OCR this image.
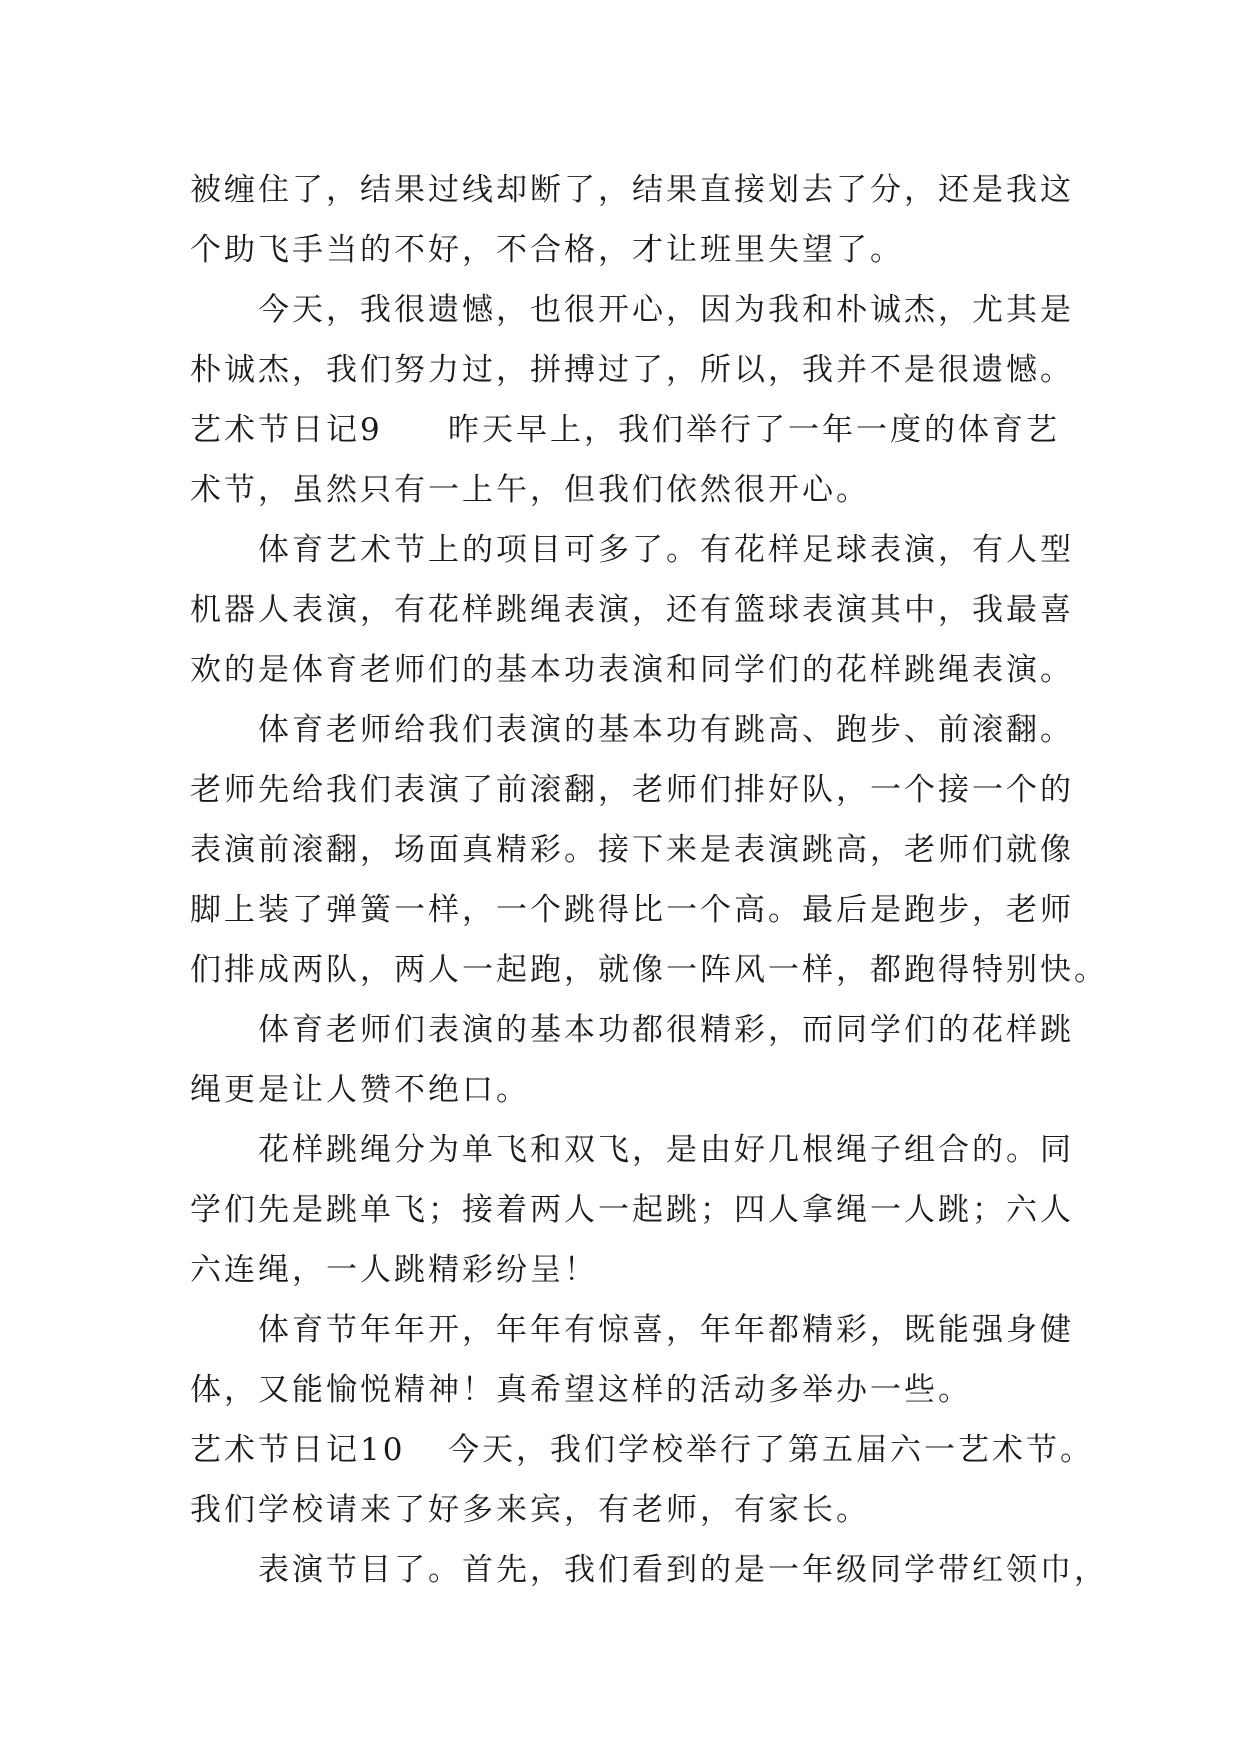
被缠住了，结果过线却断了，结果直接划去了分，还是我这
个助飞手当的不好，不合格，才让班里失望了。
今天，我很遗憾，也很开心，因为我和朴诚杰，尤其是
朴诚杰，我们努力过，拼搏过了，所以，我并不是很遗憾。
艺术节日记9 昨天早上，我们举行了一年一度的体育艺
术节，虽然只有一上午，但我们依然很开心。
体育艺术节上的项目可多了。有花样足球表演，有人型
机器人表演，有花样跳绳表演，还有篮球表演其中，我最喜
欢的是体育老师们的基本功表演和同学们的花样跳绳表演。
体育老师给我们表演的基本功有跳高、跑步、前滚翻。
老师先给我们表演了前滚翻，老师们排好队，一个接一个的
表演前滚翻，场面真精彩。接下来是表演跳高，老师们就像
脚上装了弹簧一样，一个跳得比一个高。最后是跑步，老师
们排成两队，两人一起跑，就像一阵风一样，都跑得特别快。
体育老师们表演的基本功都很精彩，而同学们的花样跳
绳更是让人赞不绝口。
花样跳绳分为单飞和双飞，是由好几根绳子组合的。同
学们先是跳单飞；接着两人一起跳；四人拿绳一人跳；六人
六连绳，一人跳精彩纷呈！
体育节年年开，年年有惊喜，年年都精彩，既能强身健
体，又能愉悦精神！真希望这样的活动多举办一些。
艺术节日记10 今天，我们学校举行了第五届六一艺术节。
我们学校请来了好多来宾，有老师，有家长。
表演节目了。首先，我们看到的是一年级同学带红领巾，
